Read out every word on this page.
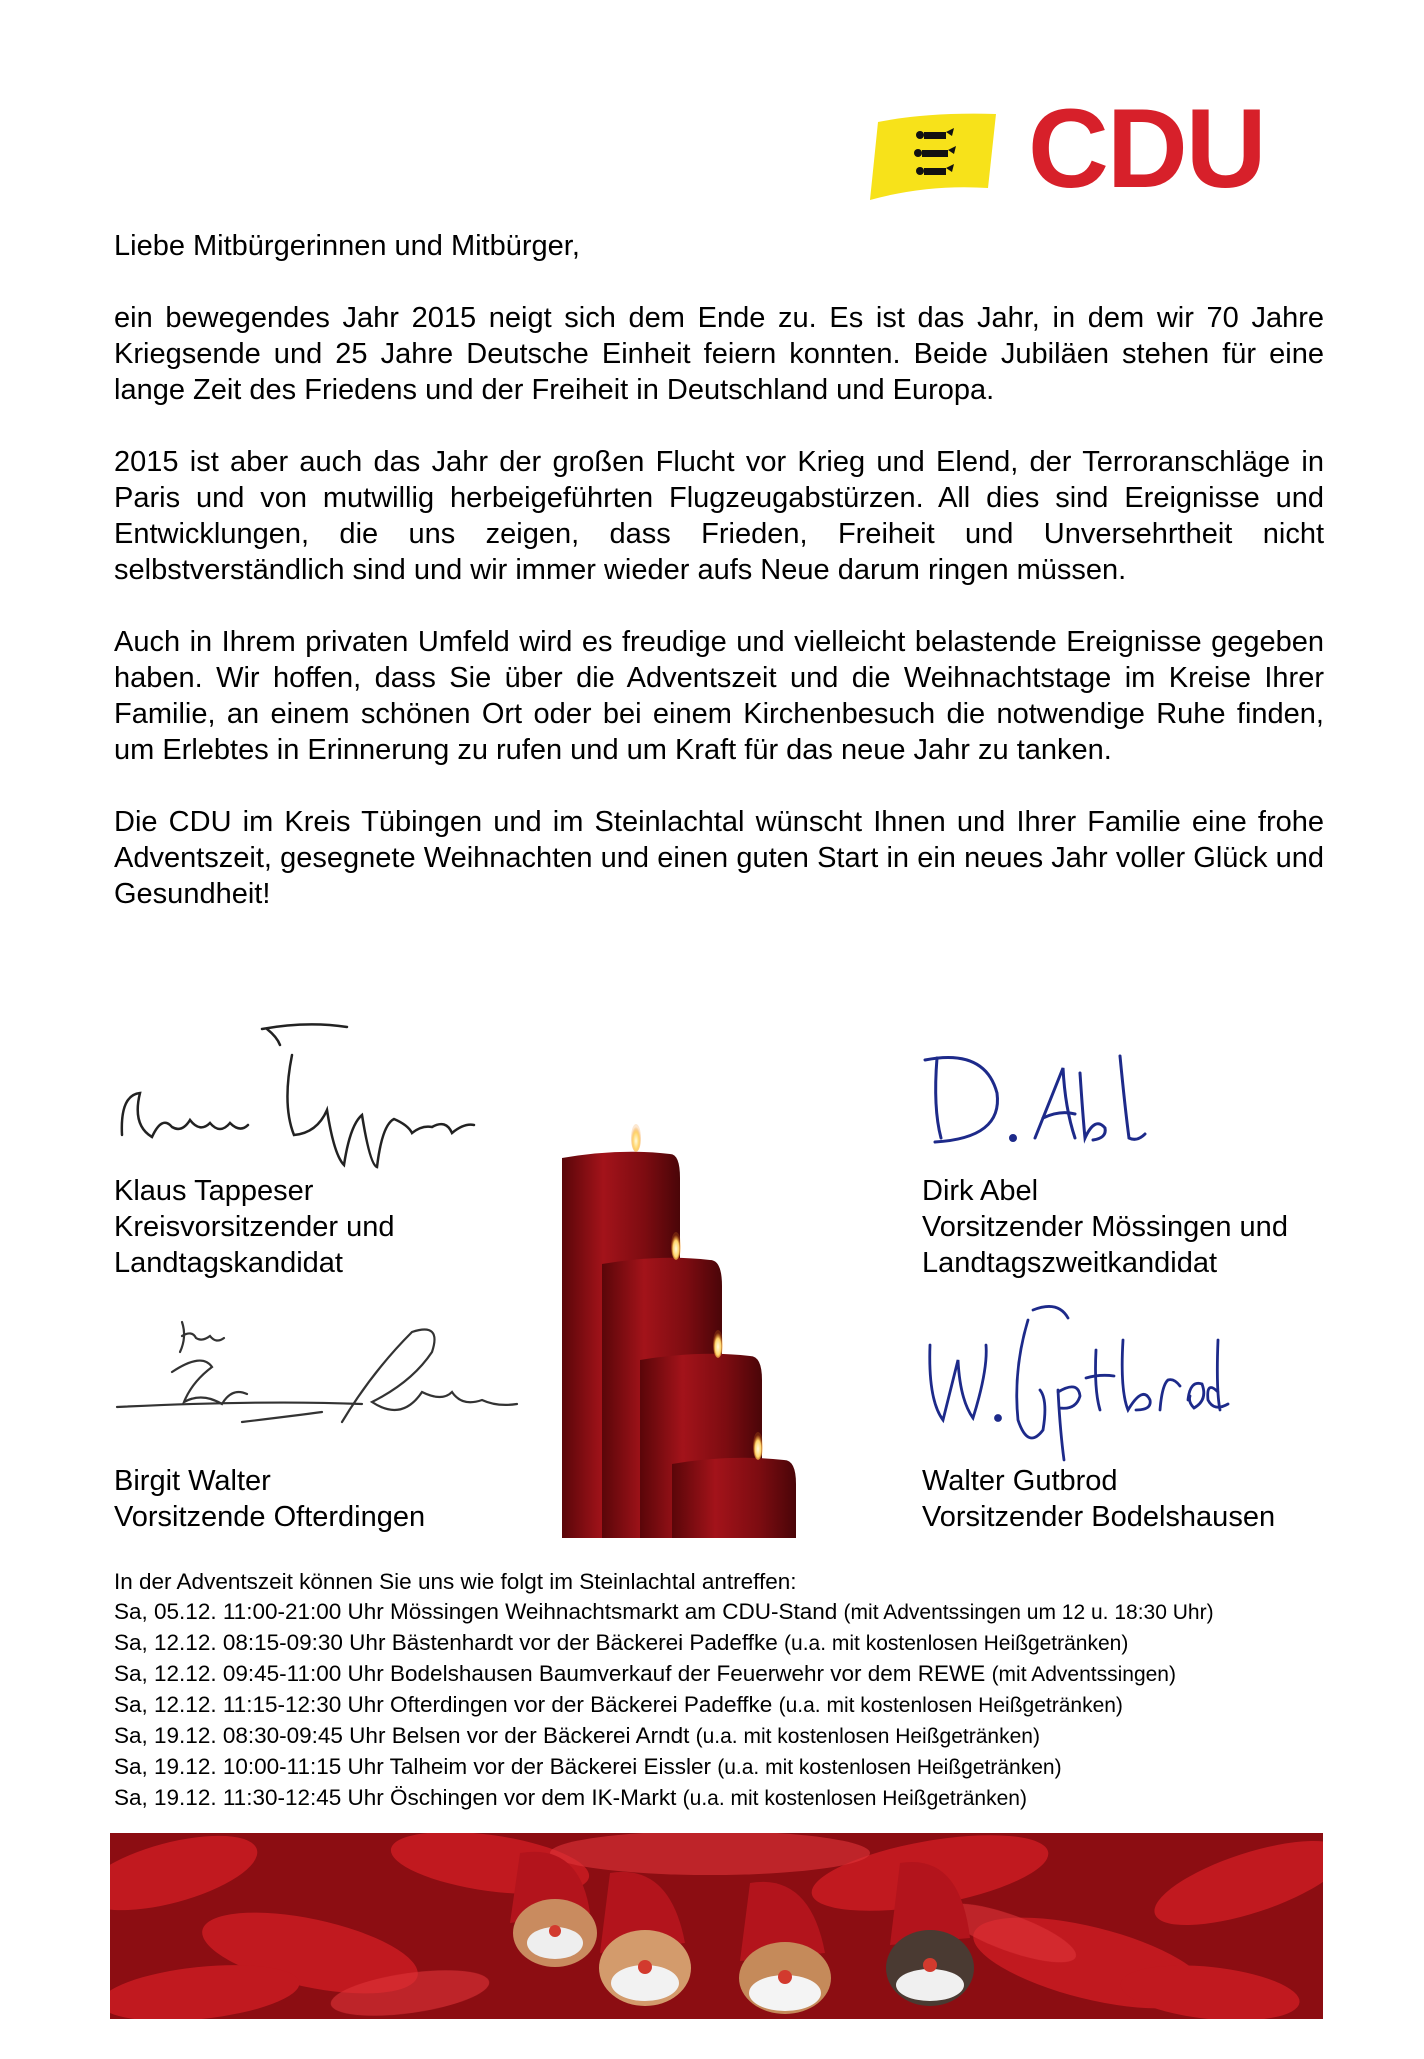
CDU

Liebe Mitbürgerinnen und Mitbürger,

ein bewegendes Jahr 2015 neigt sich dem Ende zu. Es ist das Jahr, in dem wir 70 Jahre Kriegsende und 25 Jahre Deutsche Einheit feiern konnten. Beide Jubiläen stehen für eine lange Zeit des Friedens und der Freiheit in Deutschland und Europa.

2015 ist aber auch das Jahr der großen Flucht vor Krieg und Elend, der Terroranschläge in Paris und von mutwillig herbeigeführten Flugzeugabstürzen. All dies sind Ereignisse und Entwicklungen, die uns zeigen, dass Frieden, Freiheit und Unversehrtheit nicht selbstverständlich sind und wir immer wieder aufs Neue darum ringen müssen.

Auch in Ihrem privaten Umfeld wird es freudige und vielleicht belastende Ereignisse gegeben haben. Wir hoffen, dass Sie über die Adventszeit und die Weihnachtstage im Kreise Ihrer Familie, an einem schönen Ort oder bei einem Kirchenbesuch die notwendige Ruhe finden, um Erlebtes in Erinnerung zu rufen und um Kraft für das neue Jahr zu tanken.

Die CDU im Kreis Tübingen und im Steinlachtal wünscht Ihnen und Ihrer Familie eine frohe Adventszeit, gesegnete Weihnachten und einen guten Start in ein neues Jahr voller Glück und Gesundheit!

Klaus Tappeser
Kreisvorsitzender und
Landtagskandidat
Dirk Abel
Vorsitzender Mössingen und
Landtagszweitkandidat
Birgit Walter
Vorsitzende Ofterdingen
Walter Gutbrod
Vorsitzender Bodelshausen

In der Adventszeit können Sie uns wie folgt im Steinlachtal antreffen:

Sa, 05.12. 11:00-21:00 Uhr Mössingen Weihnachtsmarkt am CDU-Stand (mit Adventssingen um 12 u. 18:30 Uhr)
Sa, 12.12. 08:15-09:30 Uhr Bästenhardt vor der Bäckerei Padeffke (u.a. mit kostenlosen Heißgetränken)
Sa, 12.12. 09:45-11:00 Uhr Bodelshausen Baumverkauf der Feuerwehr vor dem REWE (mit Adventssingen)
Sa, 12.12. 11:15-12:30 Uhr Ofterdingen vor der Bäckerei Padeffke (u.a. mit kostenlosen Heißgetränken)
Sa, 19.12. 08:30-09:45 Uhr Belsen vor der Bäckerei Arndt (u.a. mit kostenlosen Heißgetränken)
Sa, 19.12. 10:00-11:15 Uhr Talheim vor der Bäckerei Eissler (u.a. mit kostenlosen Heißgetränken)
Sa, 19.12. 11:30-12:45 Uhr Öschingen vor dem IK-Markt (u.a. mit kostenlosen Heißgetränken)
